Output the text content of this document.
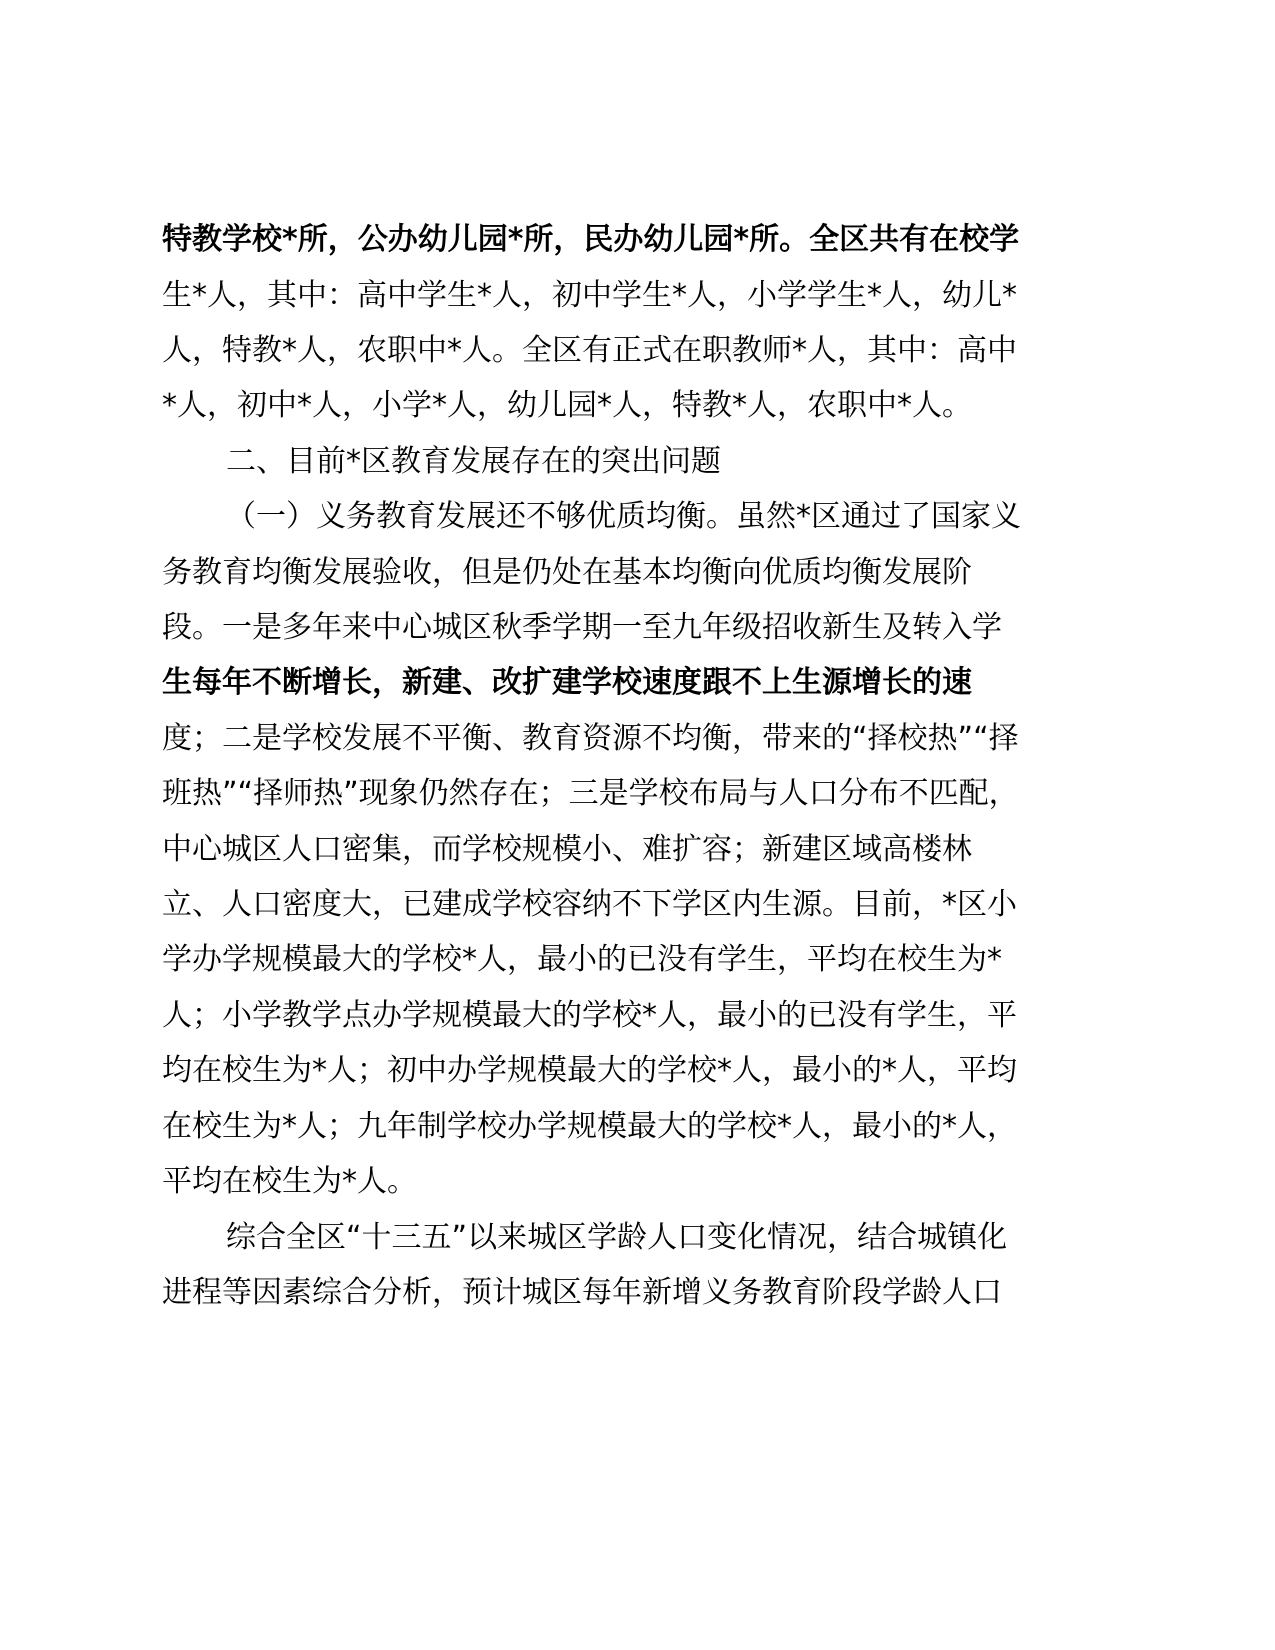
特教学校*所，公办幼儿园*所，民办幼儿园*所。全区共有在校学
生*人，其中：高中学生*人，初中学生*人，小学学生*人，幼儿*
人，特教*人，农职中*人。全区有正式在职教师*人，其中：高中
*人，初中*人，小学*人，幼儿园*人，特教*人，农职中*人。
二、目前*区教育发展存在的突出问题
（一）义务教育发展还不够优质均衡。虽然*区通过了国家义
务教育均衡发展验收，但是仍处在基本均衡向优质均衡发展阶
段。一是多年来中心城区秋季学期一至九年级招收新生及转入学
生每年不断增长，新建、改扩建学校速度跟不上生源增长的速
度；二是学校发展不平衡、教育资源不均衡，带来的“择校热”“择
班热”“择师热”现象仍然存在；三是学校布局与人口分布不匹配，
中心城区人口密集，而学校规模小、难扩容；新建区域高楼林
立、人口密度大，已建成学校容纳不下学区内生源。目前，*区小
学办学规模最大的学校*人，最小的已没有学生，平均在校生为*
人；小学教学点办学规模最大的学校*人，最小的已没有学生，平
均在校生为*人；初中办学规模最大的学校*人，最小的*人，平均
在校生为*人；九年制学校办学规模最大的学校*人，最小的*人，
平均在校生为*人。
综合全区“十三五”以来城区学龄人口变化情况，结合城镇化
进程等因素综合分析，预计城区每年新增义务教育阶段学龄人口
